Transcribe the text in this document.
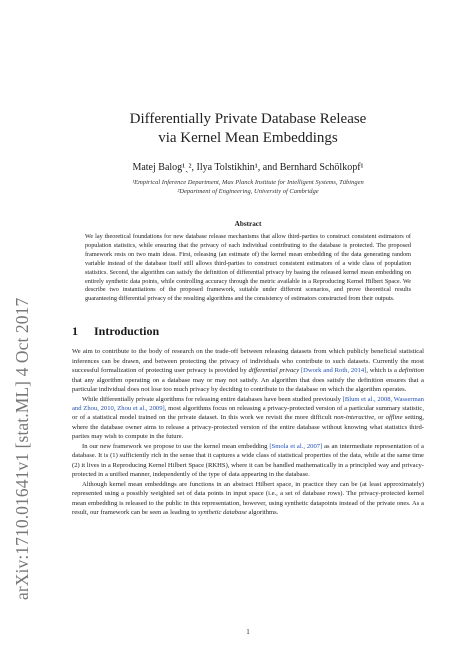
arXiv:1710.01641v1 [stat.ML] 4 Oct 2017
Differentially Private Database Release
via Kernel Mean Embeddings
Matej Balog¹ˎ², Ilya Tolstikhin¹, and Bernhard Schölkopf¹
¹Empirical Inference Department, Max Planck Institute for Intelligent Systems, Tübingen
²Department of Engineering, University of Cambridge
Abstract

We lay theoretical foundations for new database release mechanisms that allow third-parties to construct consistent estimators of population statistics, while ensuring that the privacy of each individual contributing to the database is protected. The proposed framework rests on two main ideas. First, releasing (an estimate of) the kernel mean embedding of the data generating random variable instead of the database itself still allows third-parties to construct consistent estimators of a wide class of population statistics. Second, the algorithm can satisfy the definition of differential privacy by basing the released kernel mean embedding on entirely synthetic data points, while controlling accuracy through the metric available in a Reproducing Kernel Hilbert Space. We describe two instantiations of the proposed framework, suitable under different scenarios, and prove theoretical results guaranteeing differential privacy of the resulting algorithms and the consistency of estimators constructed from their outputs.

1	Introduction

We aim to contribute to the body of research on the trade-off between releasing datasets from which publicly beneficial statistical inferences can be drawn, and between protecting the privacy of individuals who contribute to such datasets. Currently the most successful formalization of protecting user privacy is provided by differential privacy [Dwork and Roth, 2014], which is a definition that any algorithm operating on a database may or may not satisfy. An algorithm that does satisfy the definition ensures that a particular individual does not lose too much privacy by deciding to contribute to the database on which the algorithm operates.

While differentially private algorithms for releasing entire databases have been studied previously [Blum et al., 2008, Wasserman and Zhou, 2010, Zhou et al., 2009], most algorithms focus on releasing a privacy-protected version of a particular summary statistic, or of a statistical model trained on the private dataset. In this work we revisit the more difficult non-interactive, or offline setting, where the database owner aims to release a privacy-protected version of the entire database without knowing what statistics third-parties may wish to compute in the future.

In our new framework we propose to use the kernel mean embedding [Smola et al., 2007] as an intermediate representation of a database. It is (1) sufficiently rich in the sense that it captures a wide class of statistical properties of the data, while at the same time (2) it lives in a Reproducing Kernel Hilbert Space (RKHS), where it can be handled mathematically in a principled way and privacy-protected in a unified manner, independently of the type of data appearing in the database.

Although kernel mean embeddings are functions in an abstract Hilbert space, in practice they can be (at least approximately) represented using a possibly weighted set of data points in input space (i.e., a set of database rows). The privacy-protected kernel mean embedding is released to the public in this representation, however, using synthetic datapoints instead of the private ones. As a result, our framework can be seen as leading to synthetic database algorithms.

1
